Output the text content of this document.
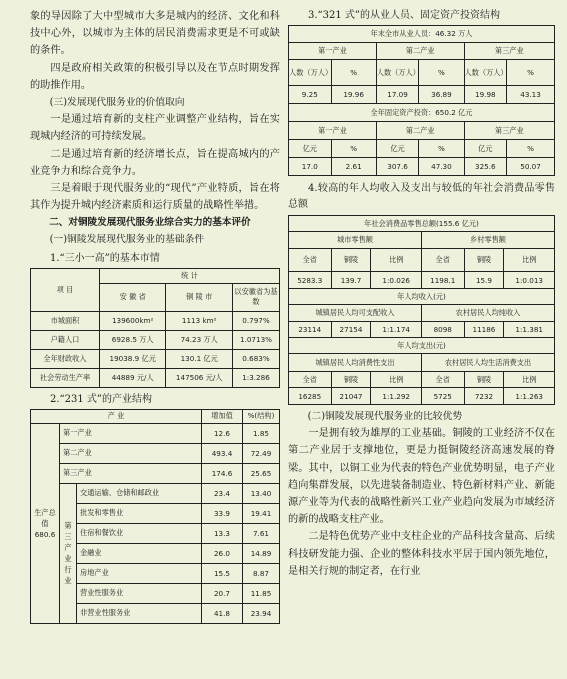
象的导因除了大中型城市大多是城内的经济、文化和科技中心外，以城市为主体的居民消费需求更是不可或缺的条件。

四是政府相关政策的积极引导以及在节点时期发挥的助推作用。

(三)发展现代服务业的价值取向

一是通过培育新的支柱产业调整产业结构，旨在实现城内经济的可持续发展。

二是通过培育新的经济增长点，旨在提高城内的产业竞争力和综合竞争力。

三是着眼于现代服务业的“现代”产业特质，旨在将其作为提升城内经济素质和运行质量的战略性举措。

二、对铜陵发展现代服务业综合实力的基本评价

(一)铜陵发展现代服务业的基础条件

1.“三小一高”的基本市情

项 目	统 计		
	安 徽 省	铜 陵 市	以安徽省为基数
市城面积	139600km²	1113 km²	0.797%
户籍人口	6928.5 万人	74.23 万人	1.0713%
全年财政收入	19038.9 亿元	130.1 亿元	0.683%
社会劳动生产率	44889 元/人	147506 元/人	1:3.286

2.“231 式”的产业结构

产 业			增加值	%(结构)
生产总值680.6	第一产业		12.6	1.85
	第二产业		493.4	72.49
	第三产业		174.6	25.65
	第三产业行业	交通运输、仓储和邮政业	23.4	13.40
		批发和零售业	33.9	19.41
		住宿和餐饮业	13.3	7.61
		金融业	26.0	14.89
		房地产业	15.5	8.87
		营业性服务业	20.7	11.85
		非营业性服务业	41.8	23.94

3.“321 式”的从业人员、固定资产投资结构

年末全市从业人员：46.32 万人					
第一产业		第二产业		第三产业	
人数（万人）	%	人数（万人）	%	人数（万人）	%
9.25	19.96	17.09	36.89	19.98	43.13
全年固定资产投资：650.2 亿元					
第一产业		第二产业		第三产业	
亿元	%	亿元	%	亿元	%
17.0	2.61	307.6	47.30	325.6	50.07

4.较高的年人均收入及支出与较低的年社会消费品零售总额

年社会消费品零售总额(155.6 亿元)					
城市零售额			乡村零售额		
全省	铜陵	比例	全省	铜陵	比例
5283.3	139.7	1:0.026	1198.1	15.9	1:0.013
年人均收入(元)					
城镇居民人均可支配收入			农村居民人均纯收入		
23114	27154	1:1.174	8098	11186	1:1.381
年人均支出(元)					
城镇居民人均消费性支出			农村居民人均生活消费支出		
全省	铜陵	比例	全省	铜陵	比例
16285	21047	1:1.292	5725	7232	1:1.263

(二)铜陵发展现代服务业的比较优势

一是拥有较为雄厚的工业基础。铜陵的工业经济不仅在第二产业居于支撑地位，更是力挺铜陵经济高速发展的脊梁。其中，以铜工业为代表的特色产业优势明显，电子产业趋向集群发展，以先进装备制造业、特色新材料产业、新能源产业等为代表的战略性新兴工业产业趋向发展为市域经济的新的战略支柱产业。

二是特色优势产业中支柱企业的产品科技含量高、后续科技研发能力强、企业的整体科技水平居于国内领先地位，是相关行规的制定者，在行业
